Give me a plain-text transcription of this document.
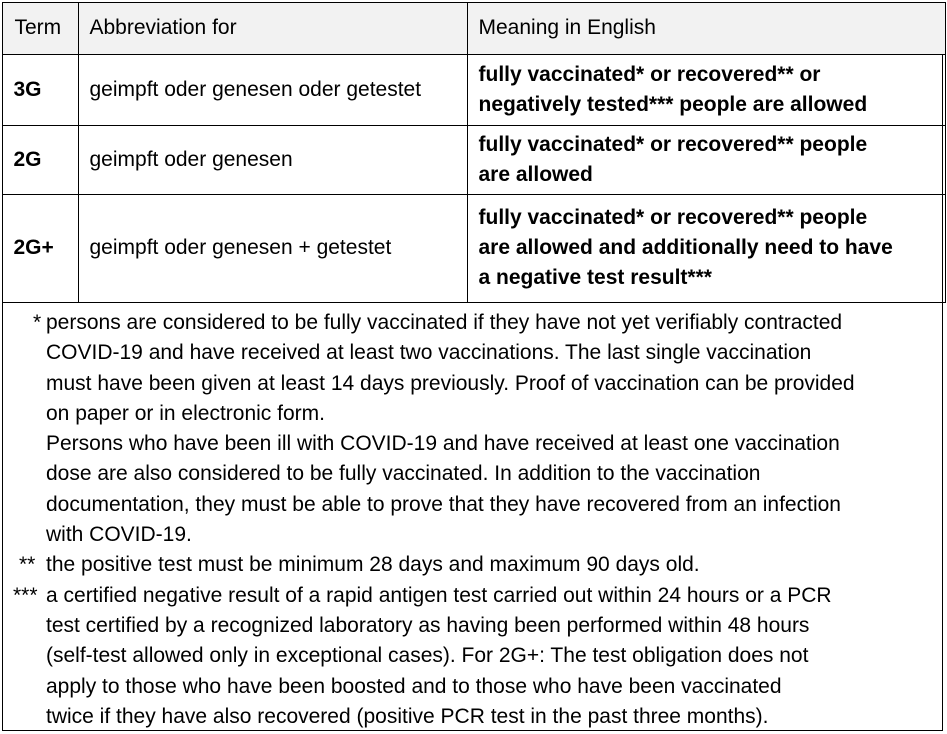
Term	Abbreviation for	Meaning in English
3G	geimpft oder genesen oder getestet	fully vaccinated* or recovered** or
negatively tested*** people are allowed

2G	geimpft oder genesen	fully vaccinated* or recovered** people
are allowed

2G+	geimpft oder genesen + getestet	fully vaccinated* or recovered** people
are allowed and additionally need to have
a negative test result***
* persons are considered to be fully vaccinated if they have not yet verifiably contracted
COVID-19 and have received at least two vaccinations. The last single vaccination
must have been given at least 14 days previously. Proof of vaccination can be provided
on paper or in electronic form.
Persons who have been ill with COVID-19 and have received at least one vaccination
dose are also considered to be fully vaccinated. In addition to the vaccination
documentation, they must be able to prove that they have recovered from an infection
with COVID-19.
** the positive test must be minimum 28 days and maximum 90 days old.
*** a certified negative result of a rapid antigen test carried out within 24 hours or a PCR
test certified by a recognized laboratory as having been performed within 48 hours
(self-test allowed only in exceptional cases). For 2G+: The test obligation does not
apply to those who have been boosted and to those who have been vaccinated
twice if they have also recovered (positive PCR test in the past three months).
